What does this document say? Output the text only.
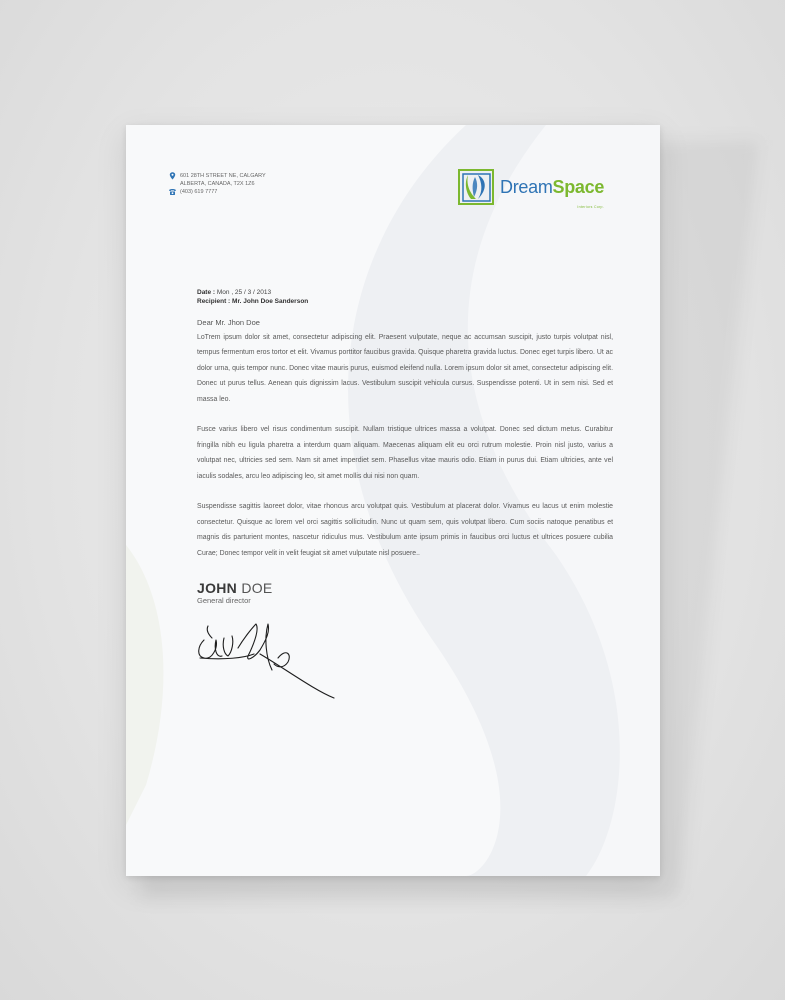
601 28TH STREET NE, CALGARY
ALBERTA, CANADA, T2X 1Z6
(403) 619 7777	DreamSpace
Interiors Corp.
Date : Mon , 25 / 3 / 2013
Recipient : Mr. John Doe Sanderson
Dear Mr. Jhon Doe

LoTrem ipsum dolor sit amet, consectetur adipiscing elit. Praesent vulputate, neque ac accumsan suscipit, justo turpis volutpat nisl, tempus fermentum eros tortor et elit. Vivamus porttitor faucibus gravida. Quisque pharetra gravida luctus. Donec eget turpis libero. Ut ac dolor urna, quis tempor nunc. Donec vitae mauris purus, euismod eleifend nulla. Lorem ipsum dolor sit amet, consectetur adipiscing elit. Donec ut purus tellus. Aenean quis dignissim lacus. Vestibulum suscipit vehicula cursus. Suspendisse potenti. Ut in sem nisi. Sed et massa leo.

Fusce varius libero vel risus condimentum suscipit. Nullam tristique ultrices massa a volutpat. Donec sed dictum metus. Curabitur fringilla nibh eu ligula pharetra a interdum quam aliquam. Maecenas aliquam elit eu orci rutrum molestie. Proin nisl justo, varius a volutpat nec, ultricies sed sem. Nam sit amet imperdiet sem. Phasellus vitae mauris odio. Etiam in purus dui. Etiam ultricies, ante vel iaculis sodales, arcu leo adipiscing leo, sit amet mollis dui nisi non quam.

Suspendisse sagittis laoreet dolor, vitae rhoncus arcu volutpat quis. Vestibulum at placerat dolor. Vivamus eu lacus ut enim molestie consectetur. Quisque ac lorem vel orci sagittis sollicitudin. Nunc ut quam sem, quis volutpat libero. Cum sociis natoque penatibus et magnis dis parturient montes, nascetur ridiculus mus. Vestibulum ante ipsum primis in faucibus orci luctus et ultrices posuere cubilia Curae; Donec tempor velit in velit feugiat sit amet vulputate nisl posuere..

JOHN DOE
General director
